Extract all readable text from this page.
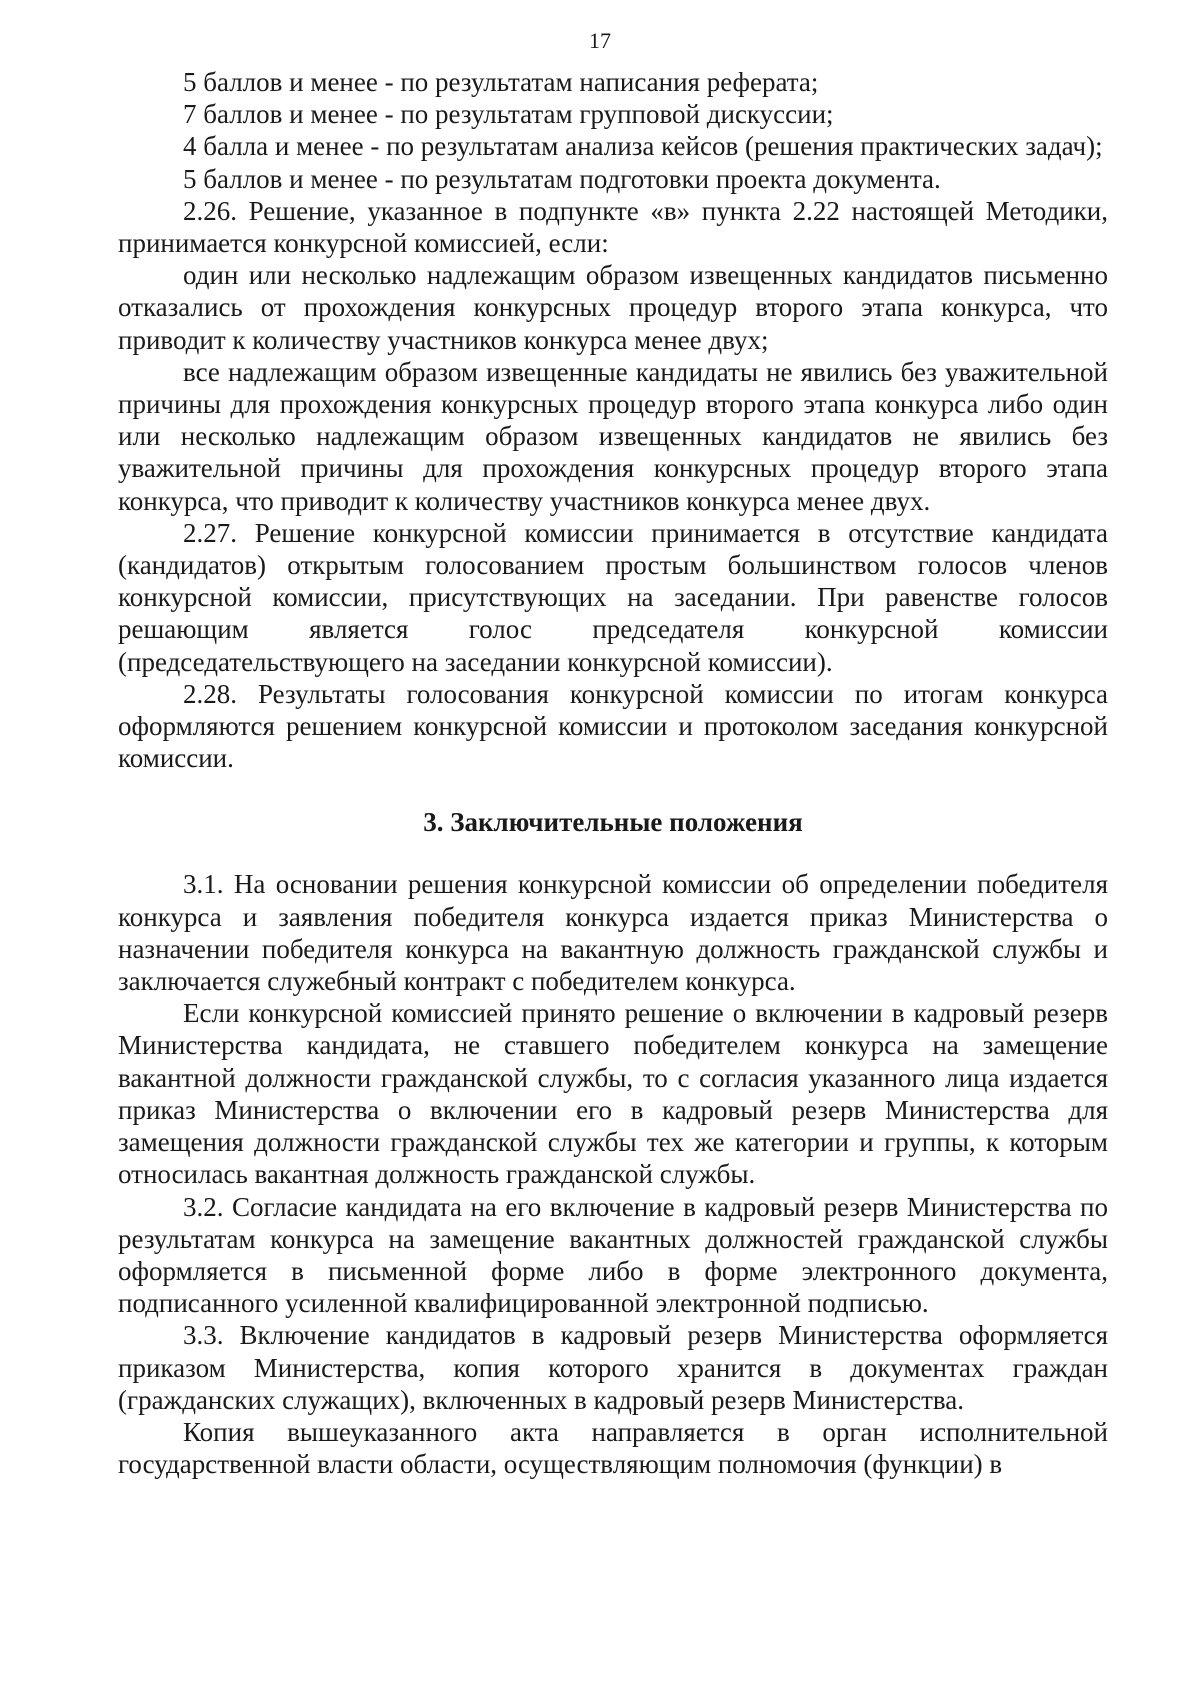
17

5 баллов и менее - по результатам написания реферата;

7 баллов и менее - по результатам групповой дискуссии;

4 балла и менее - по результатам анализа кейсов (решения практических задач);

5 баллов и менее - по результатам подготовки проекта документа.

2.26. Решение, указанное в подпункте «в» пункта 2.22 настоящей Методики, принимается конкурсной комиссией, если:

один или несколько надлежащим образом извещенных кандидатов письменно отказались от прохождения конкурсных процедур второго этапа конкурса, что приводит к количеству участников конкурса менее двух;

все надлежащим образом извещенные кандидаты не явились без уважительной причины для прохождения конкурсных процедур второго этапа конкурса либо один или несколько надлежащим образом извещенных кандидатов не явились без уважительной причины для прохождения конкурсных процедур второго этапа конкурса, что приводит к количеству участников конкурса менее двух.

2.27. Решение конкурсной комиссии принимается в отсутствие кандидата (кандидатов) открытым голосованием простым большинством голосов членов конкурсной комиссии, присутствующих на заседании. При равенстве голосов решающим является голос председателя конкурсной комиссии (председательствующего на заседании конкурсной комиссии).

2.28. Результаты голосования конкурсной комиссии по итогам конкурса оформляются решением конкурсной комиссии и протоколом заседания конкурсной комиссии.

3. Заключительные положения

3.1. На основании решения конкурсной комиссии об определении победителя конкурса и заявления победителя конкурса издается приказ Министерства о назначении победителя конкурса на вакантную должность гражданской службы и заключается служебный контракт с победителем конкурса.

Если конкурсной комиссией принято решение о включении в кадровый резерв Министерства кандидата, не ставшего победителем конкурса на замещение вакантной должности гражданской службы, то с согласия указанного лица издается приказ Министерства о включении его в кадровый резерв Министерства для замещения должности гражданской службы тех же категории и группы, к которым относилась вакантная должность гражданской службы.

3.2. Согласие кандидата на его включение в кадровый резерв Министерства по результатам конкурса на замещение вакантных должностей гражданской службы оформляется в письменной форме либо в форме электронного документа, подписанного усиленной квалифицированной электронной подписью.

3.3. Включение кандидатов в кадровый резерв Министерства оформляется приказом Министерства, копия которого хранится в документах граждан (гражданских служащих), включенных в кадровый резерв Министерства.

Копия вышеуказанного акта направляется в орган исполнительной государственной власти области, осуществляющим полномочия (функции) в
